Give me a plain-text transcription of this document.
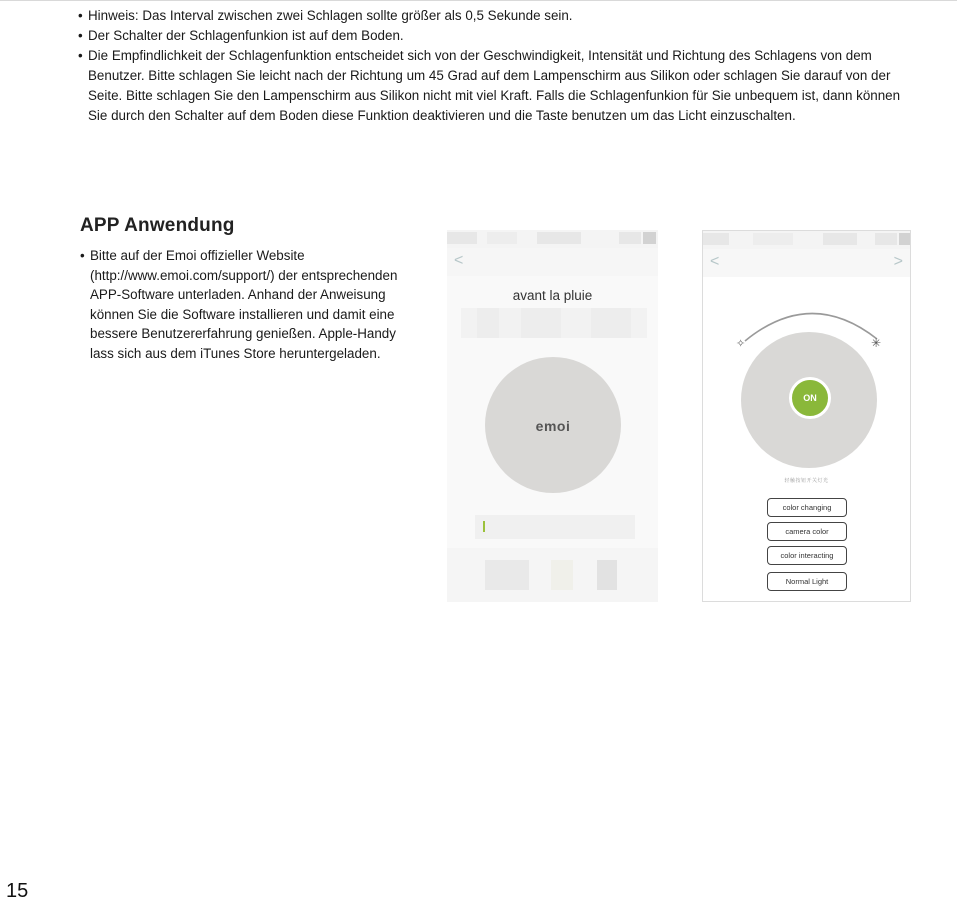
• Hinweis: Das Interval zwischen zwei Schlagen sollte größer als 0,5 Sekunde sein.
• Der Schalter der Schlagenfunkion ist auf dem Boden.
• Die Empfindlichkeit der Schlagenfunktion entscheidet sich von der Geschwindigkeit, Intensität und Richtung des Schlagens von dem Benutzer. Bitte schlagen Sie leicht nach der Richtung um 45 Grad auf dem Lampenschirm aus Silikon oder schlagen Sie darauf von der Seite. Bitte schlagen Sie den Lampenschirm aus Silikon nicht mit viel Kraft. Falls die Schlagenfunkion für Sie unbequem ist, dann können Sie durch den Schalter auf dem Boden diese Funktion deaktivieren und die Taste benutzen um das Licht einzuschalten.
APP Anwendung

• Bitte auf der Emoi offizieller Website (http://www.emoi.com/support/) der entsprechenden APP-Software unterladen. Anhand der Anweisung können Sie die Software installieren und damit eine bessere Benutzererfahrung genießen. Apple-Handy lass sich aus dem iTunes Store heruntergeladen.

<
avant la pluie
emoi
<	>
✧	✳
ON
轻触按钮开关灯光
color changing
camera color
color interacting
Normal Light
15
